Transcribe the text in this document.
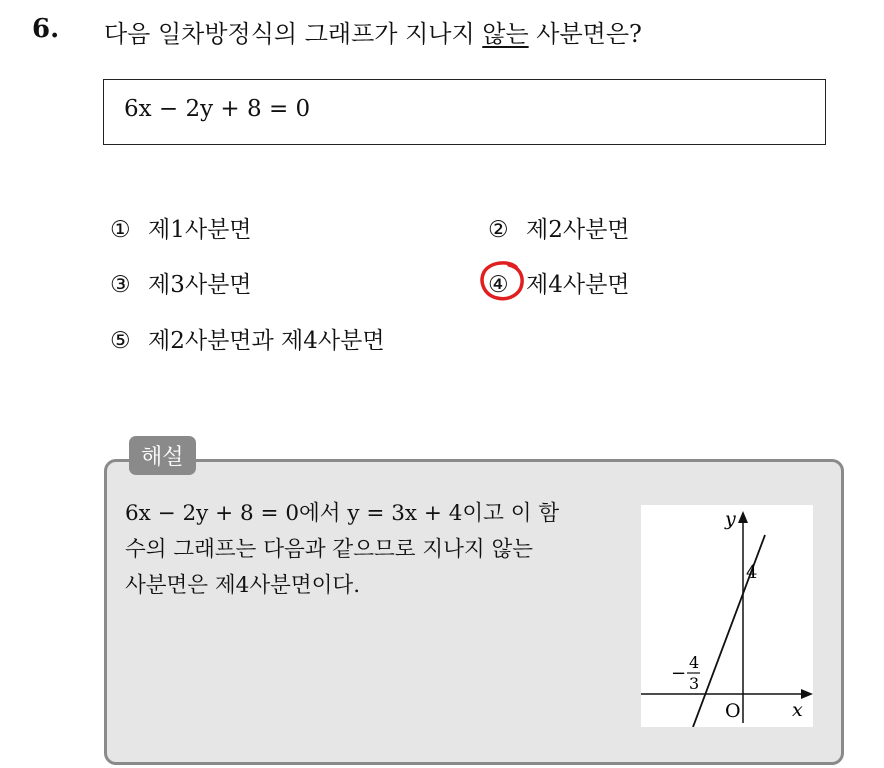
6. 다음 일차방정식의 그래프가 지나지 않는 사분면은?
6x − 2y + 8 = 0
① 제1사분면	② 제2사분면
③ 제3사분면	④ 제4사분면
⑤ 제2사분면과 제4사분면
해설
6x − 2y + 8 = 0에서 y = 3x + 4이고 이 함
수의 그래프는 다음과 같으므로 지나지 않는
사분면은 제4사분면이다.
y
x
O
4
−
4
3
